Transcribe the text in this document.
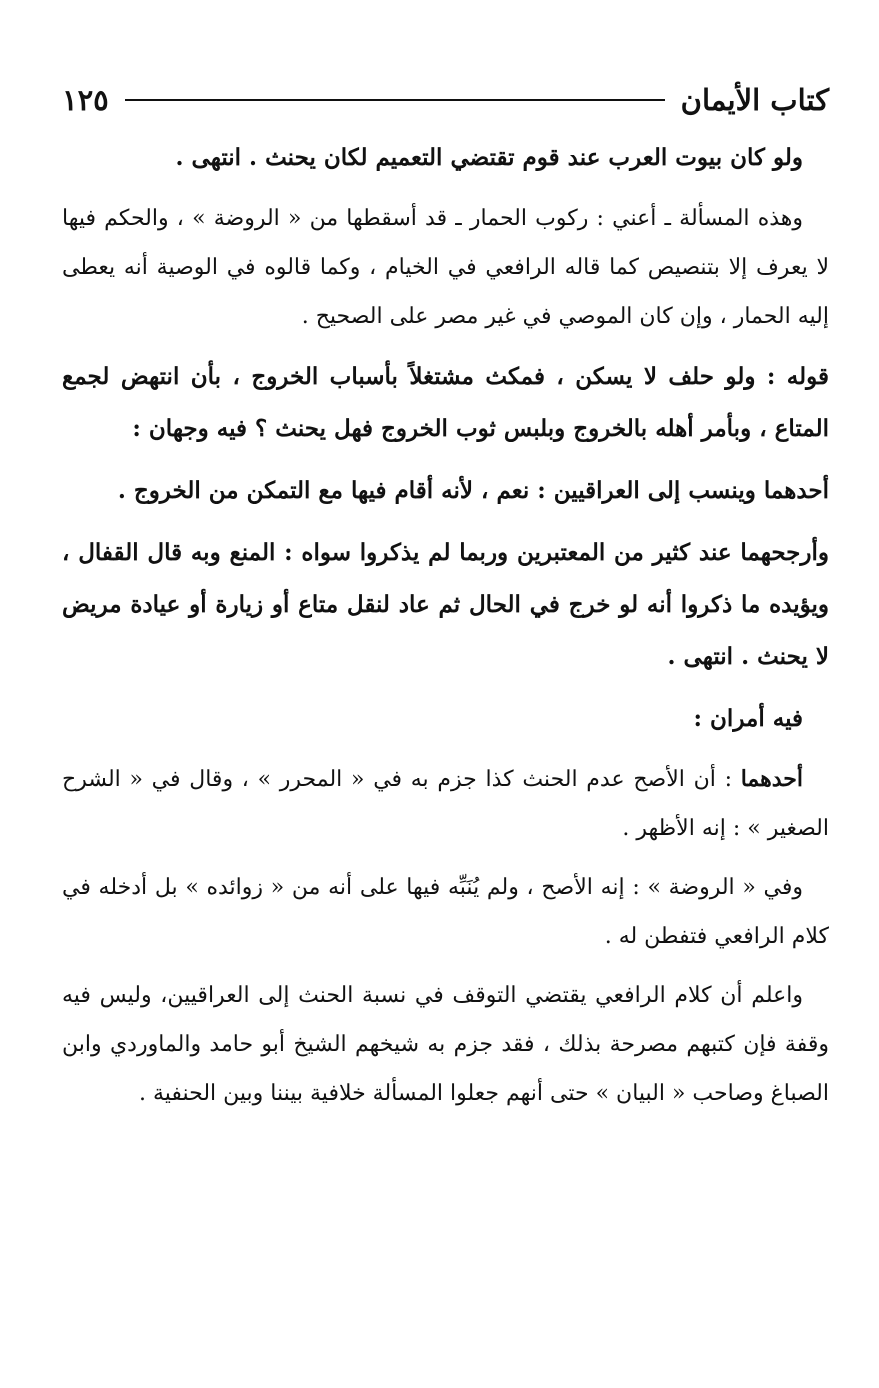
كتاب الأيمان
١٢٥

ولو كان بيوت العرب عند قوم تقتضي التعميم لكان يحنث . انتهى .

وهذه المسألة ـ أعني : ركوب الحمار ـ قد أسقطها من « الروضة » ، والحكم فيها لا يعرف إلا بتنصيص كما قاله الرافعي في الخيام ، وكما قالوه في الوصية أنه يعطى إليه الحمار ، وإن كان الموصي في غير مصر على الصحيح .

قوله : ولو حلف لا يسكن ، فمكث مشتغلاً بأسباب الخروج ، بأن انتهض لجمع المتاع ، وبأمر أهله بالخروج وبلبس ثوب الخروج فهل يحنث ؟ فيه وجهان :

أحدهما وينسب إلى العراقيين : نعم ، لأنه أقام فيها مع التمكن من الخروج .

وأرجحهما عند كثير من المعتبرين وربما لم يذكروا سواه : المنع وبه قال القفال ، ويؤيده ما ذكروا أنه لو خرج في الحال ثم عاد لنقل متاع أو زيارة أو عيادة مريض لا يحنث . انتهى .

فيه أمران :

أحدهما : أن الأصح عدم الحنث كذا جزم به في « المحرر » ، وقال في « الشرح الصغير » : إنه الأظهر .

وفي « الروضة » : إنه الأصح ، ولم يُنَبِّه فيها على أنه من « زوائده » بل أدخله في كلام الرافعي فتفطن له .

واعلم أن كلام الرافعي يقتضي التوقف في نسبة الحنث إلى العراقيين، وليس فيه وقفة فإن كتبهم مصرحة بذلك ، فقد جزم به شيخهم الشيخ أبو حامد والماوردي وابن الصباغ وصاحب « البيان » حتى أنهم جعلوا المسألة خلافية بيننا وبين الحنفية .
